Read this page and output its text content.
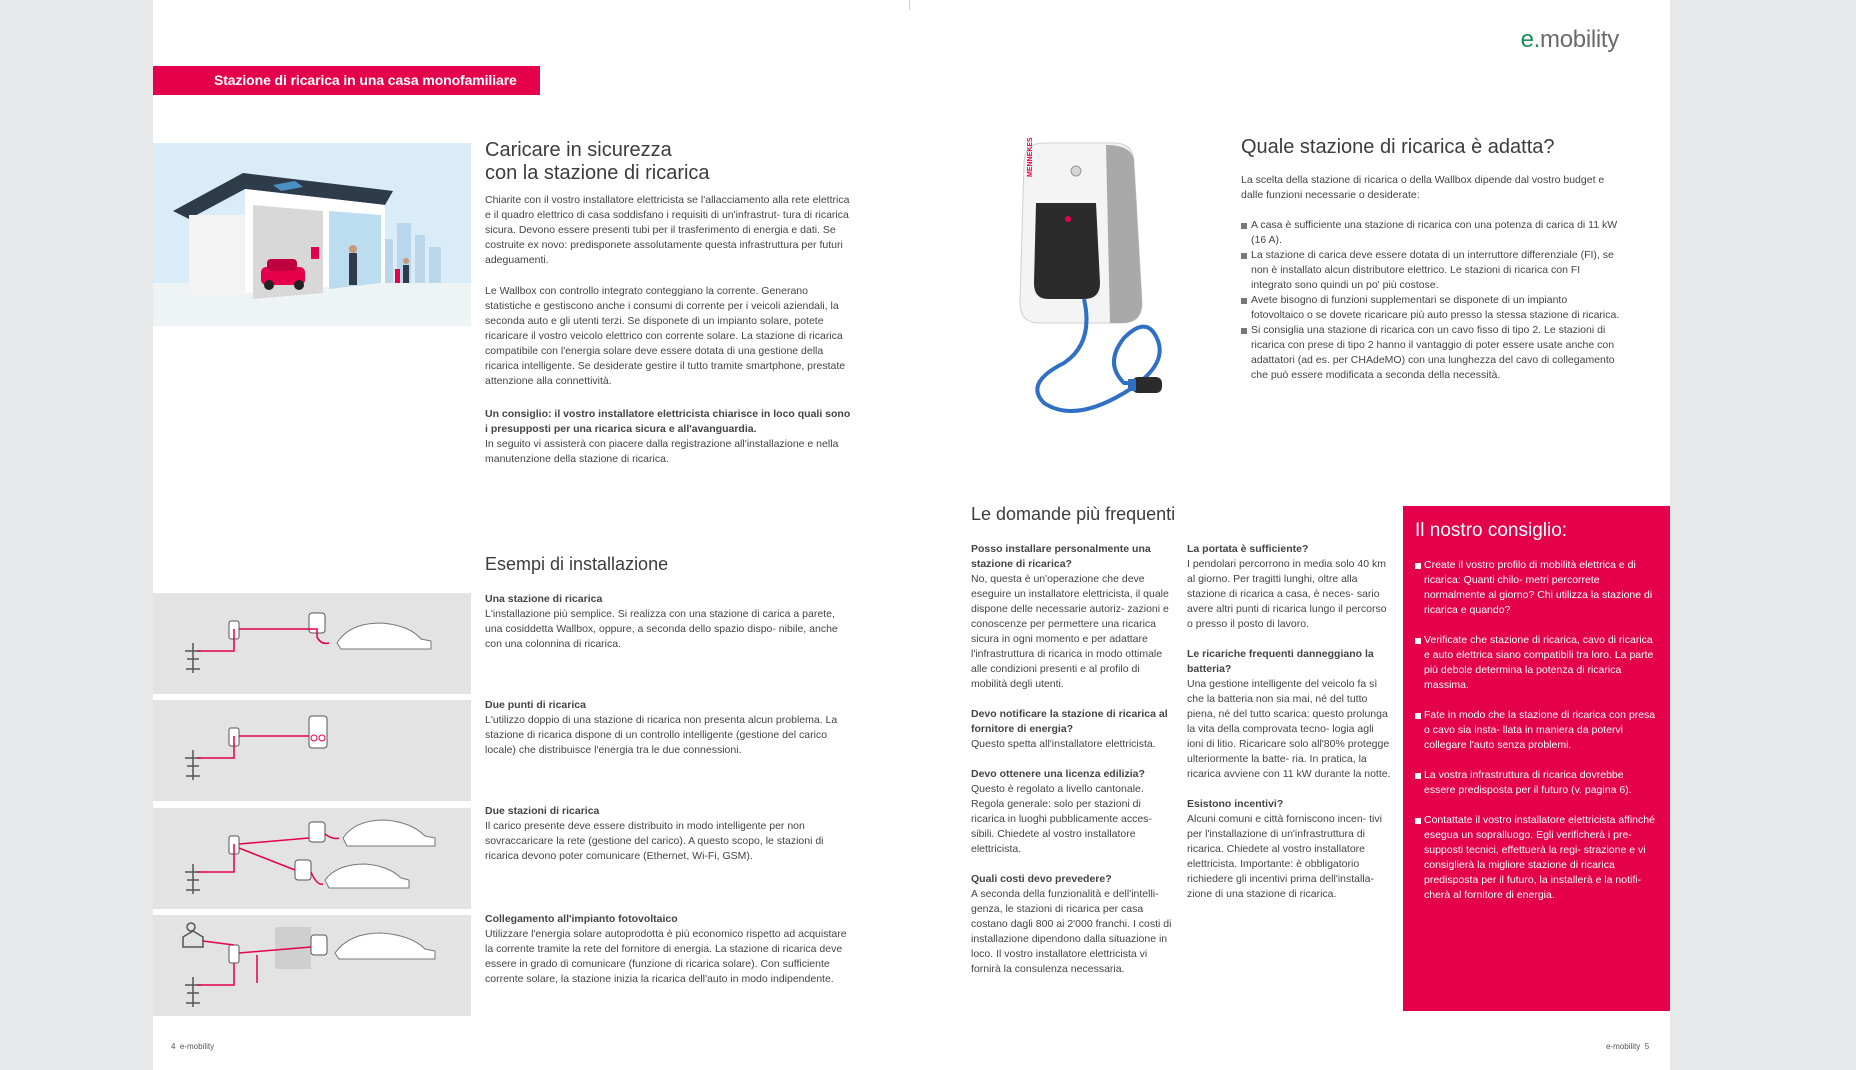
Stazione di ricarica in una casa monofamiliare
e.mobility
Caricare in sicurezza
con la stazione di ricarica
Chiarite con il vostro installatore elettricista se l'allacciamento alla rete elettrica e il quadro elettrico di casa soddisfano i requisiti di un'infrastrut- tura di ricarica sicura. Devono essere presenti tubi per il trasferimento di energia e dati. Se costruite ex novo: predisponete assolutamente questa infrastruttura per futuri adeguamenti.
Le Wallbox con controllo integrato conteggiano la corrente. Generano statistiche e gestiscono anche i consumi di corrente per i veicoli aziendali, la seconda auto e gli utenti terzi. Se disponete di un impianto solare, potete ricaricare il vostro veicolo elettrico con corrente solare. La stazione di ricarica compatibile con l'energia solare deve essere dotata di una gestione della ricarica intelligente. Se desiderate gestire il tutto tramite smartphone, prestate attenzione alla connettività.
Un consiglio: il vostro installatore elettricista chiarisce in loco quali sono i presupposti per una ricarica sicura e all'avanguardia.
In seguito vi assisterà con piacere dalla registrazione all'installazione e nella manutenzione della stazione di ricarica.
Esempi di installazione
Una stazione di ricarica
L'installazione più semplice. Si realizza con una stazione di carica a parete, una cosiddetta Wallbox, oppure, a seconda dello spazio dispo- nibile, anche con una colonnina di ricarica.
Due punti di ricarica
L'utilizzo doppio di una stazione di ricarica non presenta alcun problema. La stazione di ricarica dispone di un controllo intelligente (gestione del carico locale) che distribuisce l'energia tra le due connessioni.
Due stazioni di ricarica
Il carico presente deve essere distribuito in modo intelligente per non sovraccaricare la rete (gestione del carico). A questo scopo, le stazioni di ricarica devono poter comunicare (Ethernet, Wi-Fi, GSM).
Collegamento all'impianto fotovoltaico
Utilizzare l'energia solare autoprodotta è più economico rispetto ad acquistare la corrente tramite la rete del fornitore di energia. La stazione di ricarica deve essere in grado di comunicare (funzione di ricarica solare). Con sufficiente corrente solare, la stazione inizia la ricarica dell'auto in modo indipendente.
MENNEKES	Quale stazione di ricarica è adatta?
La scelta della stazione di ricarica o della Wallbox dipende dal vostro budget e dalle funzioni necessarie o desiderate:
A casa è sufficiente una stazione di ricarica con una potenza di carica di 11 kW (16 A).
La stazione di carica deve essere dotata di un interruttore differenziale (FI), se non è installato alcun distributore elettrico. Le stazioni di ricarica con FI integrato sono quindi un po' più costose.
Avete bisogno di funzioni supplementari se disponete di un impianto fotovoltaico o se dovete ricaricare più auto presso la stessa stazione di ricarica.
Si consiglia una stazione di ricarica con un cavo fisso di tipo 2. Le stazioni di ricarica con prese di tipo 2 hanno il vantaggio di poter essere usate anche con adattatori (ad es. per CHAdeMO) con una lunghezza del cavo di collegamento che può essere modificata a seconda della necessità.
Le domande più frequenti
Posso installare personalmente una stazione di ricarica?
No, questa è un'operazione che deve eseguire un installatore elettricista, il quale dispone delle necessarie autoriz- zazioni e conoscenze per permettere una ricarica sicura in ogni momento e per adattare l'infrastruttura di ricarica in modo ottimale alle condizioni presenti e al profilo di mobilità degli utenti.
Devo notificare la stazione di ricarica al fornitore di energia?
Questo spetta all'installatore elettricista.
Devo ottenere una licenza edilizia?
Questo è regolato a livello cantonale. Regola generale: solo per stazioni di ricarica in luoghi pubblicamente acces- sibili. Chiedete al vostro installatore elettricista.
Quali costi devo prevedere?
A seconda della funzionalità e dell'intelli- genza, le stazioni di ricarica per casa costano dagli 800 ai 2'000 franchi. I costi di installazione dipendono dalla situazione in loco. Il vostro installatore elettricista vi fornirà la consulenza necessaria.
La portata è sufficiente?
I pendolari percorrono in media solo 40 km al giorno. Per tragitti lunghi, oltre alla stazione di ricarica a casa, è neces- sario avere altri punti di ricarica lungo il percorso o presso il posto di lavoro.
Le ricariche frequenti danneggiano la batteria?
Una gestione intelligente del veicolo fa sì che la batteria non sia mai, né del tutto piena, né del tutto scarica: questo prolunga la vita della comprovata tecno- logia agli ioni di litio. Ricaricare solo all'80% protegge ulteriormente la batte- ria. In pratica, la ricarica avviene con 11 kW durante la notte.
Esistono incentivi?
Alcuni comuni e città forniscono incen- tivi per l'installazione di un'infrastruttura di ricarica. Chiedete al vostro installatore elettricista. Importante: è obbligatorio richiedere gli incentivi prima dell'installa- zione di una stazione di ricarica.
Il nostro consiglio:
Create il vostro profilo di mobilità elettrica e di ricarica: Quanti chilo- metri percorrete normalmente al giorno? Chi utilizza la stazione di ricarica e quando?
Verificate che stazione di ricarica, cavo di ricarica e auto elettrica siano compatibili tra loro. La parte più debole determina la potenza di ricarica massima.
Fate in modo che la stazione di ricarica con presa o cavo sia insta- llata in maniera da potervi collegare l'auto senza problemi.
La vostra infrastruttura di ricarica dovrebbe essere predisposta per il futuro (v. pagina 6).
Contattate il vostro installatore elettricista affinché esegua un sopralluogo. Egli verificherà i pre- supposti tecnici, effettuerà la regi- strazione e vi consiglierà la migliore stazione di ricarica predisposta per il futuro, la installerà e la notifi- cherà al fornitore di energia.
4 e-mobility	e-mobility 5
